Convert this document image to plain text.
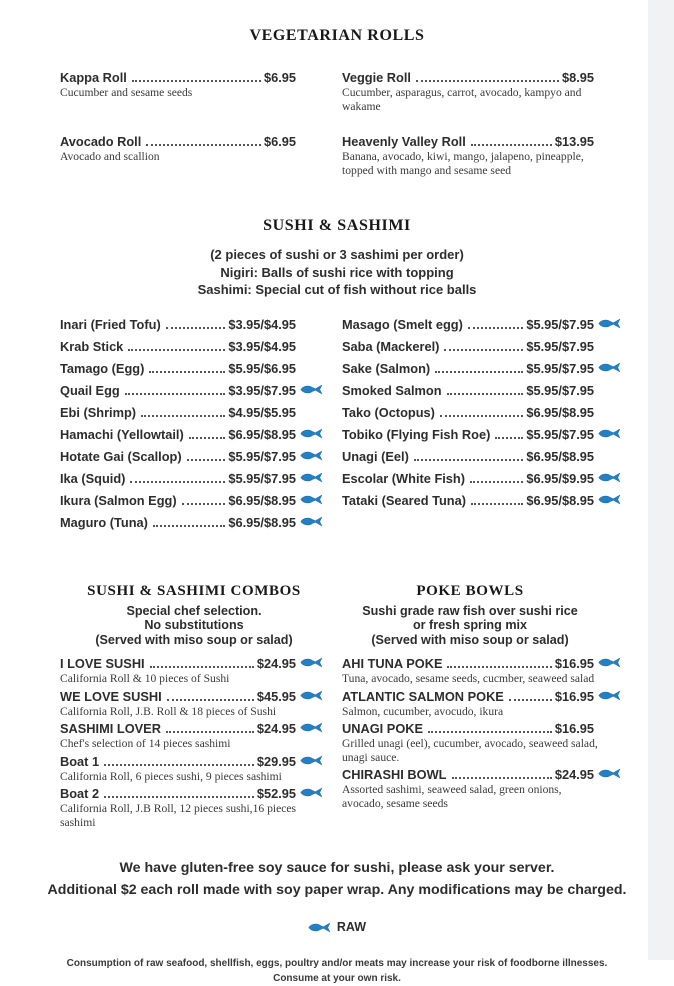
VEGETARIAN ROLLS
Kappa Roll	$6.95
Cucumber and sesame seeds
Veggie Roll	$8.95
Cucumber, asparagus, carrot, avocado, kampyo and wakame
Avocado Roll	$6.95
Avocado and scallion
Heavenly Valley Roll	$13.95
Banana, avocado, kiwi, mango, jalapeno, pineapple, topped with mango and sesame seed
SUSHI & SASHIMI
(2 pieces of sushi or 3 sashimi per order)
Nigiri: Balls of sushi rice with topping
Sashimi: Special cut of fish without rice balls
Inari (Fried Tofu)	$3.95/$4.95
Krab Stick	$3.95/$4.95
Tamago (Egg)	$5.95/$6.95
Quail Egg	$3.95/$7.95
Ebi (Shrimp)	$4.95/$5.95
Hamachi (Yellowtail)	$6.95/$8.95
Hotate Gai (Scallop)	$5.95/$7.95
Ika (Squid)	$5.95/$7.95
Ikura (Salmon Egg)	$6.95/$8.95
Maguro (Tuna)	$6.95/$8.95
Masago (Smelt egg)	$5.95/$7.95
Saba (Mackerel)	$5.95/$7.95
Sake (Salmon)	$5.95/$7.95
Smoked Salmon	$5.95/$7.95
Tako (Octopus)	$6.95/$8.95
Tobiko (Flying Fish Roe)	$5.95/$7.95
Unagi (Eel)	$6.95/$8.95
Escolar (White Fish)	$6.95/$9.95
Tataki (Seared Tuna)	$6.95/$8.95
SUSHI & SASHIMI COMBOS
Special chef selection.
No substitutions
(Served with miso soup or salad)
I LOVE SUSHI	$24.95
California Roll & 10 pieces of Sushi
WE LOVE SUSHI	$45.95
California Roll, J.B. Roll & 18 pieces of Sushi
SASHIMI LOVER	$24.95
Chef's selection of 14 pieces sashimi
Boat 1	$29.95
California Roll, 6 pieces sushi, 9 pieces sashimi
Boat 2	$52.95
California Roll, J.B Roll, 12 pieces sushi,16 pieces sashimi
POKE BOWLS
Sushi grade raw fish over sushi rice
or fresh spring mix
(Served with miso soup or salad)
AHI TUNA POKE	$16.95
Tuna, avocado, sesame seeds, cucmber, seaweed salad
ATLANTIC SALMON POKE	$16.95
Salmon, cucumber, avocudo, ikura
UNAGI POKE	$16.95
Grilled unagi (eel), cucumber, avocado, seaweed salad, unagi sauce.
CHIRASHI BOWL	$24.95
Assorted sashimi, seaweed salad, green onions, avocado, sesame seeds
We have gluten-free soy sauce for sushi, please ask your server.
Additional $2 each roll made with soy paper wrap. Any modifications may be charged.
RAW
Consumption of raw seafood, shellfish, eggs, poultry and/or meats may increase your risk of foodborne illnesses.
Consume at your own risk.
